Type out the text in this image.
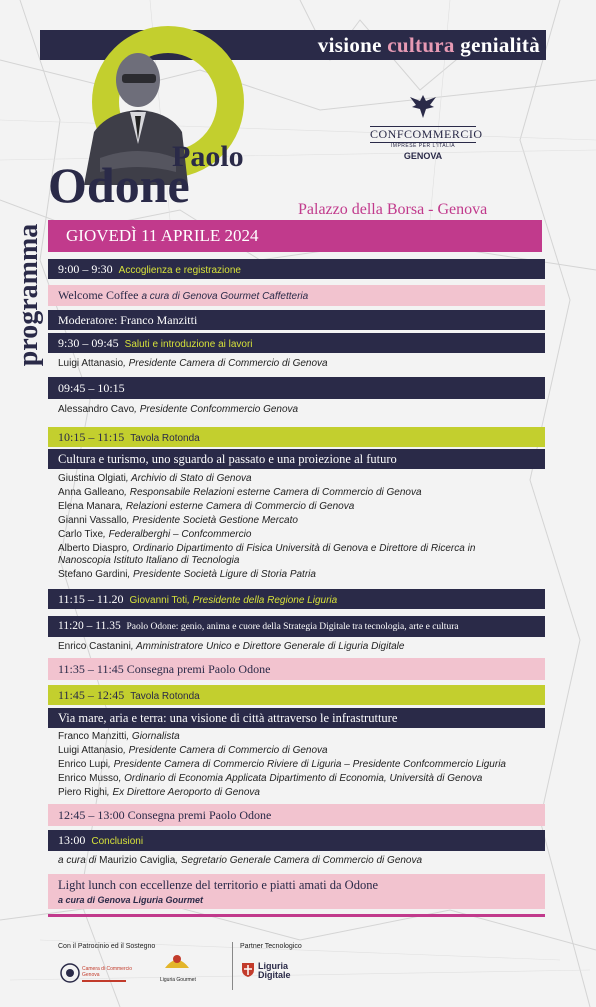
visione cultura genialità
Paolo
Odone
CONFCOMMERCIO
IMPRESE PER L'ITALIA
GENOVA
Palazzo della Borsa - Genova
programma GIOVEDÌ 11 APRILE 2024
9:00 – 9:30 Accoglienza e registrazione
Welcome Coffee a cura di Genova Gourmet Caffetteria
Moderatore: Franco Manzitti
9:30 – 09:45 Saluti e introduzione ai lavori
Luigi Attanasio, Presidente Camera di Commercio di Genova
09:45 – 10:15
Alessandro Cavo, Presidente Confcommercio Genova
10:15 – 11:15 Tavola Rotonda
Cultura e turismo, uno sguardo al passato e una proiezione al futuro
Giustina Olgiati, Archivio di Stato di Genova
Anna Galleano, Responsabile Relazioni esterne Camera di Commercio di Genova
Elena Manara, Relazioni esterne Camera di Commercio di Genova
Gianni Vassallo, Presidente Società Gestione Mercato
Carlo Tixe, Federalberghi – Confcommercio
Alberto Diaspro, Ordinario Dipartimento di Fisica Università di Genova e Direttore di Ricerca in
Nanoscopia Istituto Italiano di Tecnologia
Stefano Gardini, Presidente Società Ligure di Storia Patria
11:15 – 11.20 Giovanni Toti, Presidente della Regione Liguria
11:20 – 11.35 Paolo Odone: genio, anima e cuore della Strategia Digitale tra tecnologia, arte e cultura
Enrico Castanini, Amministratore Unico e Direttore Generale di Liguria Digitale
11:35 – 11:45 Consegna premi Paolo Odone
11:45 – 12:45 Tavola Rotonda
Via mare, aria e terra: una visione di città attraverso le infrastrutture
Franco Manzitti, Giornalista
Luigi Attanasio, Presidente Camera di Commercio di Genova
Enrico Lupi, Presidente Camera di Commercio Riviere di Liguria – Presidente Confcommercio Liguria
Enrico Musso, Ordinario di Economia Applicata Dipartimento di Economia, Università di Genova
Piero Righi, Ex Direttore Aeroporto di Genova
12:45 – 13:00 Consegna premi Paolo Odone
13:00 Conclusioni
a cura di Maurizio Caviglia, Segretario Generale Camera di Commercio di Genova
Light lunch con eccellenze del territorio e piatti amati da Odone
a cura di Genova Liguria Gourmet
Con il Patrocinio ed il Sostegno	Partner Tecnologico
Camera di Commercio Genova
Liguria Gourmet
Liguria
Digitale
